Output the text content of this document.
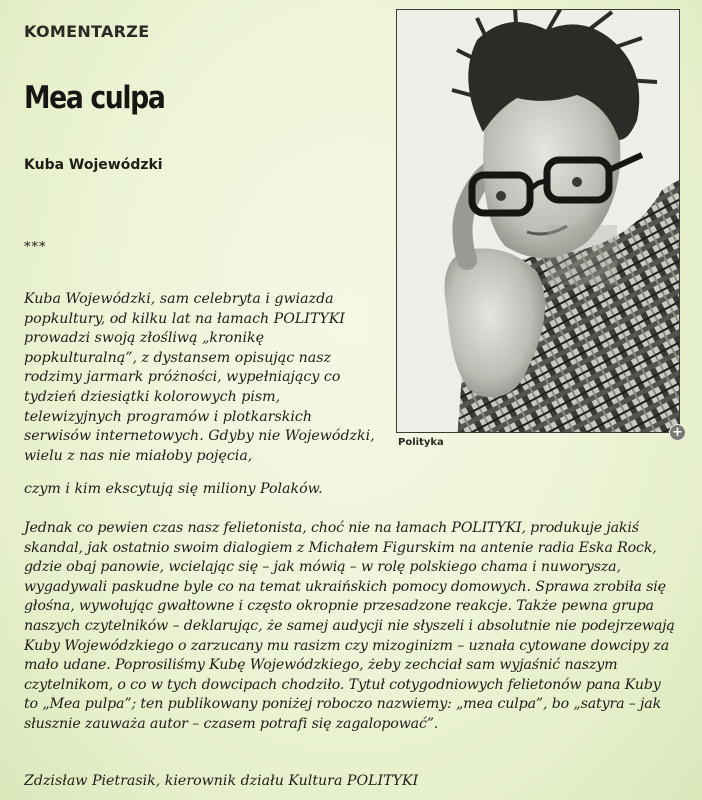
KOMENTARZE
Mea culpa
Kuba Wojewódzki
***

Kuba Wojewódzki, sam celebryta i gwiazda popkultury, od kilku lat na łamach POLITYKI prowadzi swoją złośliwą „kronikę popkulturalną”, z dystansem opisując nasz rodzimy jarmark próżności, wypełniający co tydzień dziesiątki kolorowych pism, telewizyjnych programów i plotkarskich serwisów internetowych. Gdyby nie Wojewódzki, wielu z nas nie miałoby pojęcia,

czym i kim ekscytują się miliony Polaków.

Jednak co pewien czas nasz felietonista, choć nie na łamach POLITYKI, produkuje jakiś skandal, jak ostatnio swoim dialogiem z Michałem Figurskim na antenie radia Eska Rock, gdzie obaj panowie, wcielając się – jak mówią – w rolę polskiego chama i nuworysza, wygadywali paskudne byle co na temat ukraińskich pomocy domowych. Sprawa zrobiła się głośna, wywołując gwałtowne i często okropnie przesadzone reakcje. Także pewna grupa naszych czytelników – deklarując, że samej audycji nie słyszeli i absolutnie nie podejrzewają Kuby Wojewódzkiego o zarzucany mu rasizm czy mizoginizm – uznała cytowane dowcipy za mało udane. Poprosiliśmy Kubę Wojewódzkiego, żeby zechciał sam wyjaśnić naszym czytelnikom, o co w tych dowcipach chodziło. Tytuł cotygodniowych felietonów pana Kuby to „Mea pulpa”; ten publikowany poniżej roboczo nazwiemy: „mea culpa”, bo „satyra – jak słusznie zauważa autor – czasem potrafi się zagalopować”.

Zdzisław Pietrasik, kierownik działu Kultura POLITYKI

Polityka
+
